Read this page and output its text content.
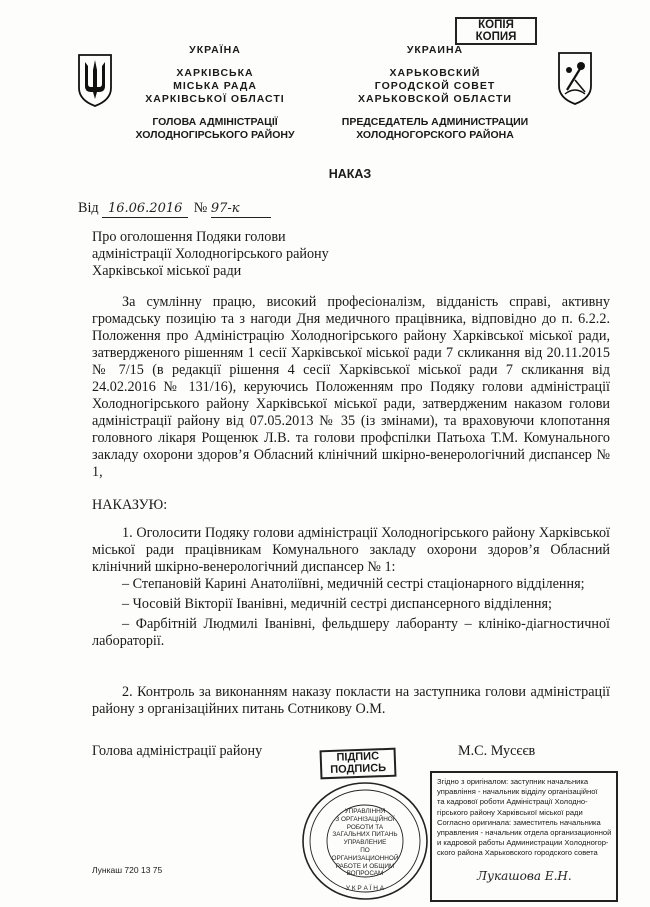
КОПІЯ
КОПИЯ
УКРАЇНА
ХАРКІВСЬКА
МІСЬКА РАДА
ХАРКІВСЬКОЇ ОБЛАСТІ
ГОЛОВА АДМІНІСТРАЦІЇ
ХОЛОДНОГІРСЬКОГО РАЙОНУ
УКРАИНА
ХАРЬКОВСКИЙ
ГОРОДСКОЙ СОВЕТ
ХАРЬКОВСКОЙ ОБЛАСТИ
ПРЕДСЕДАТЕЛЬ АДМИНИСТРАЦИИ
ХОЛОДНОГОРСКОГО РАЙОНА
НАКАЗ
Від 16.06.2016 № 97-к
Про оголошення Подяки голови
адміністрації Холодногірського району
Харківської міської ради
За сумлінну працю, високий професіоналізм, відданість справі, активну громадську позицію та з нагоди Дня медичного працівника, відповідно до п. 6.2.2. Положення про Адміністрацію Холодногірського району Харківської міської ради, затвердженого рішенням 1 сесії Харківської міської ради 7 скликання від 20.11.2015 № 7/15 (в редакції рішення 4 сесії Харківської міської ради 7 скликання від 24.02.2016 № 131/16), керуючись Положенням про Подяку голови адміністрації Холодногірського району Харківської міської ради, затвердженим наказом голови адміністрації району від 07.05.2013 № 35 (із змінами), та враховуючи клопотання головного лікаря Рощенюк Л.В. та голови профспілки Патьоха Т.М. Комунального закладу охорони здоров’я Обласний клінічний шкірно-венерологічний диспансер № 1,
НАКАЗУЮ:
1. Оголосити Подяку голови адміністрації Холодногірського району Харківської міської ради працівникам Комунального закладу охорони здоров’я Обласний клінічний шкірно-венерологічний диспансер № 1:
– Степановій Карині Анатоліївні, медичній сестрі стаціонарного відділення;
– Чосовій Вікторії Іванівні, медичній сестрі диспансерного відділення;
– Фарбітній Людмилі Іванівні, фельдшеру лаборанту – клініко-діагностичної лабораторії.
2. Контроль за виконанням наказу покласти на заступника голови адміністрації району з організаційних питань Сотникову О.М.
Голова адміністрації району	М.С. Мусєєв
ПІДПИС
ПОДПИСЬ
УПРАВЛІННЯ
З ОРГАНІЗАЦІЙНОЇ
РОБОТИ ТА
ЗАГАЛЬНИХ ПИТАНЬ
УПРАВЛЕНИЕ
ПО ОРГАНИЗАЦИОННОЙ
РАБОТЕ И ОБЩИМ
ВОПРОСАМ
У К Р А Ї Н А
Згідно з оригіналом: заступник начальника
управління - начальник відділу організаційної
та кадрової роботи Адміністрації Холодно-
гірського району Харківської міської ради
Согласно оригинала: заместитель начальника
управления - начальник отдела организационной
и кадровой работы Администрации Холодногор-
ского района Харьковского городского совета
Лукашова Е.Н.
Лункаш 720 13 75
